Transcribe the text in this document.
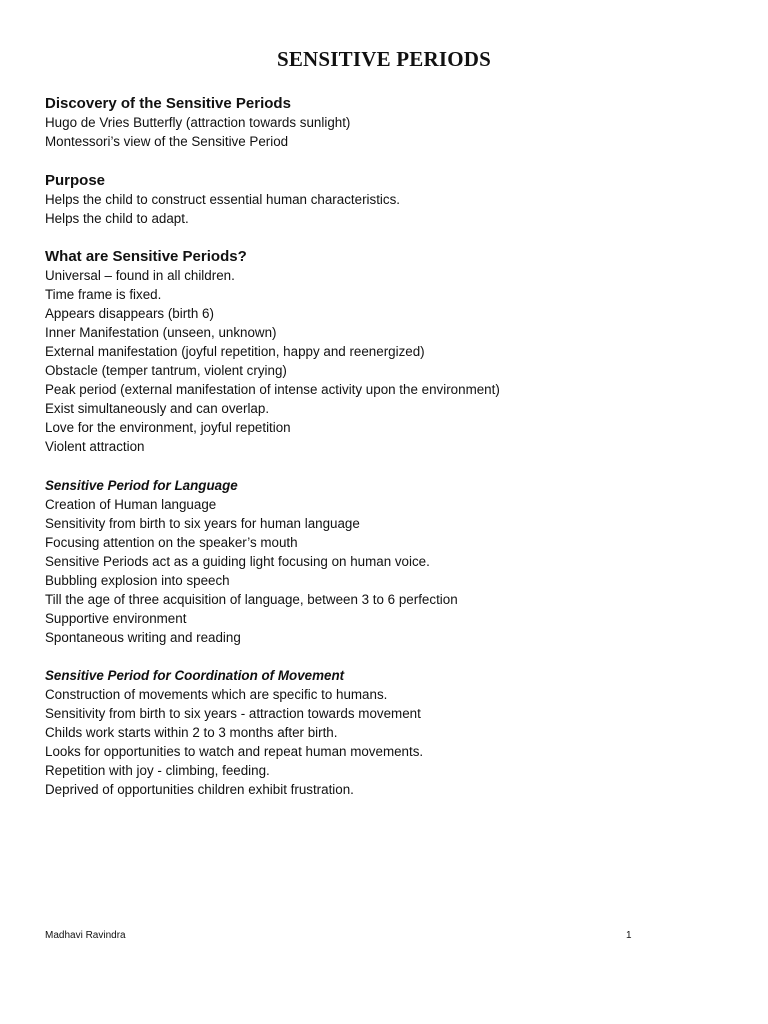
SENSITIVE PERIODS

Discovery of the Sensitive Periods

Hugo de Vries Butterfly (attraction towards sunlight)
Montessori’s view of the Sensitive Period

Purpose

Helps the child to construct essential human characteristics.
Helps the child to adapt.

What are Sensitive Periods?

Universal – found in all children.
Time frame is fixed.
Appears disappears (birth 6)
Inner Manifestation (unseen, unknown)
External manifestation (joyful repetition, happy and reenergized)
Obstacle (temper tantrum, violent crying)
Peak period (external manifestation of intense activity upon the environment)
Exist simultaneously and can overlap.
Love for the environment, joyful repetition
Violent attraction

Sensitive Period for Language

Creation of Human language
Sensitivity from birth to six years for human language
Focusing attention on the speaker’s mouth
Sensitive Periods act as a guiding light focusing on human voice.
Bubbling explosion into speech
Till the age of three acquisition of language, between 3 to 6 perfection
Supportive environment
Spontaneous writing and reading

Sensitive Period for Coordination of Movement

Construction of movements which are specific to humans.
Sensitivity from birth to six years - attraction towards movement
Childs work starts within 2 to 3 months after birth.
Looks for opportunities to watch and repeat human movements.
Repetition with joy - climbing, feeding.
Deprived of opportunities children exhibit frustration.
Madhavi Ravindra	1
